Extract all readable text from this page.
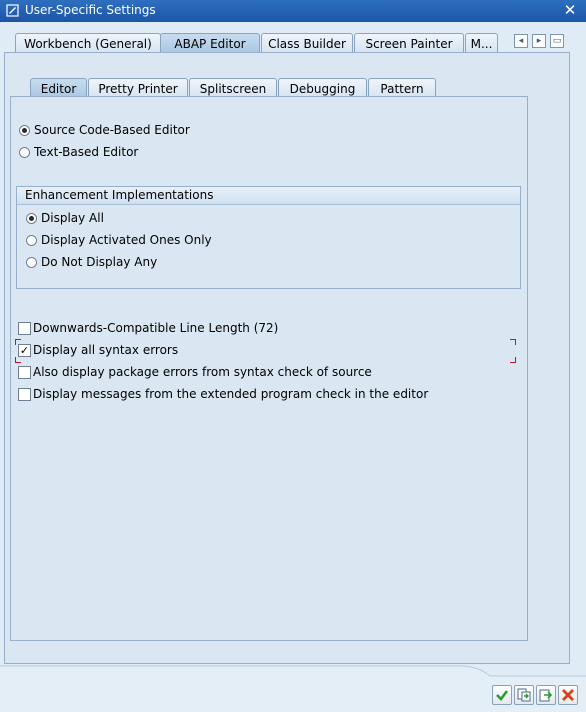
User-Specific Settings	✕
Workbench (General)	ABAP Editor	Class Builder	Screen Painter	M...	◂	▸	▭
Editor	Pretty Printer	Splitscreen	Debugging	Pattern
Source Code-Based Editor
Text-Based Editor
Enhancement Implementations
Display All
Display Activated Ones Only
Do Not Display Any
Downwards-Compatible Line Length (72)
✓ Display all syntax errors
Also display package errors from syntax check of source
Display messages from the extended program check in the editor
